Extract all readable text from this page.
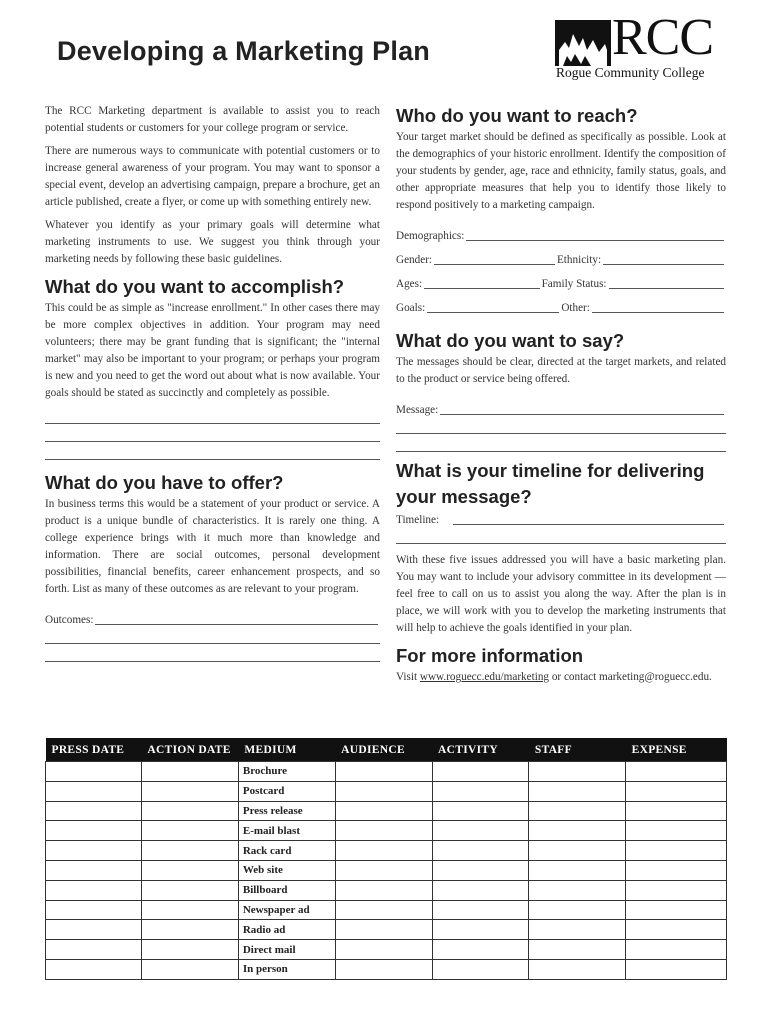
Developing a Marketing Plan	RCC
Rogue Community College

The RCC Marketing department is available to assist you to reach potential students or customers for your college program or service.

There are numerous ways to communicate with potential customers or to increase general awareness of your program. You may want to sponsor a special event, develop an advertising campaign, prepare a brochure, get an article published, create a flyer, or come up with something entirely new.

Whatever you identify as your primary goals will determine what marketing instruments to use. We suggest you think through your marketing needs by following these basic guidelines.

What do you want to accomplish?

This could be as simple as "increase enrollment." In other cases there may be more complex objectives in addition. Your program may need volunteers; there may be grant funding that is significant; the "internal market" may also be important to your program; or perhaps your program is new and you need to get the word out about what is now available. Your goals should be stated as succinctly and completely as possible.

What do you have to offer?

In business terms this would be a statement of your product or service. A product is a unique bundle of characteristics. It is rarely one thing. A college experience brings with it much more than knowledge and information. There are social outcomes, personal development possibilities, financial benefits, career enhancement prospects, and so forth. List as many of these outcomes as are relevant to your program.

Outcomes:
Who do you want to reach?

Your target market should be defined as specifically as possible. Look at the demographics of your historic enrollment. Identify the composition of your students by gender, age, race and ethnicity, family status, goals, and other appropriate measures that help you to identify those likely to respond positively to a marketing campaign.

Demographics:
Gender:	Ethnicity:
Ages:	Family Status:
Goals:	Other:
What do you want to say?

The messages should be clear, directed at the target markets, and related to the product or service being offered.

Message:
What is your timeline for delivering
your message?
Timeline:

With these five issues addressed you will have a basic marketing plan. You may want to include your advisory committee in its development — feel free to call on us to assist you along the way. After the plan is in place, we will work with you to develop the marketing instruments that will help to achieve the goals identified in your plan.

For more information

Visit www.roguecc.edu/marketing or contact marketing@roguecc.edu.

PRESS DATE	ACTION DATE	MEDIUM	AUDIENCE	ACTIVITY	STAFF	EXPENSE
		Brochure				
		Postcard				
		Press release				
		E-mail blast				
		Rack card				
		Web site				
		Billboard				
		Newspaper ad				
		Radio ad				
		Direct mail				
		In person				
